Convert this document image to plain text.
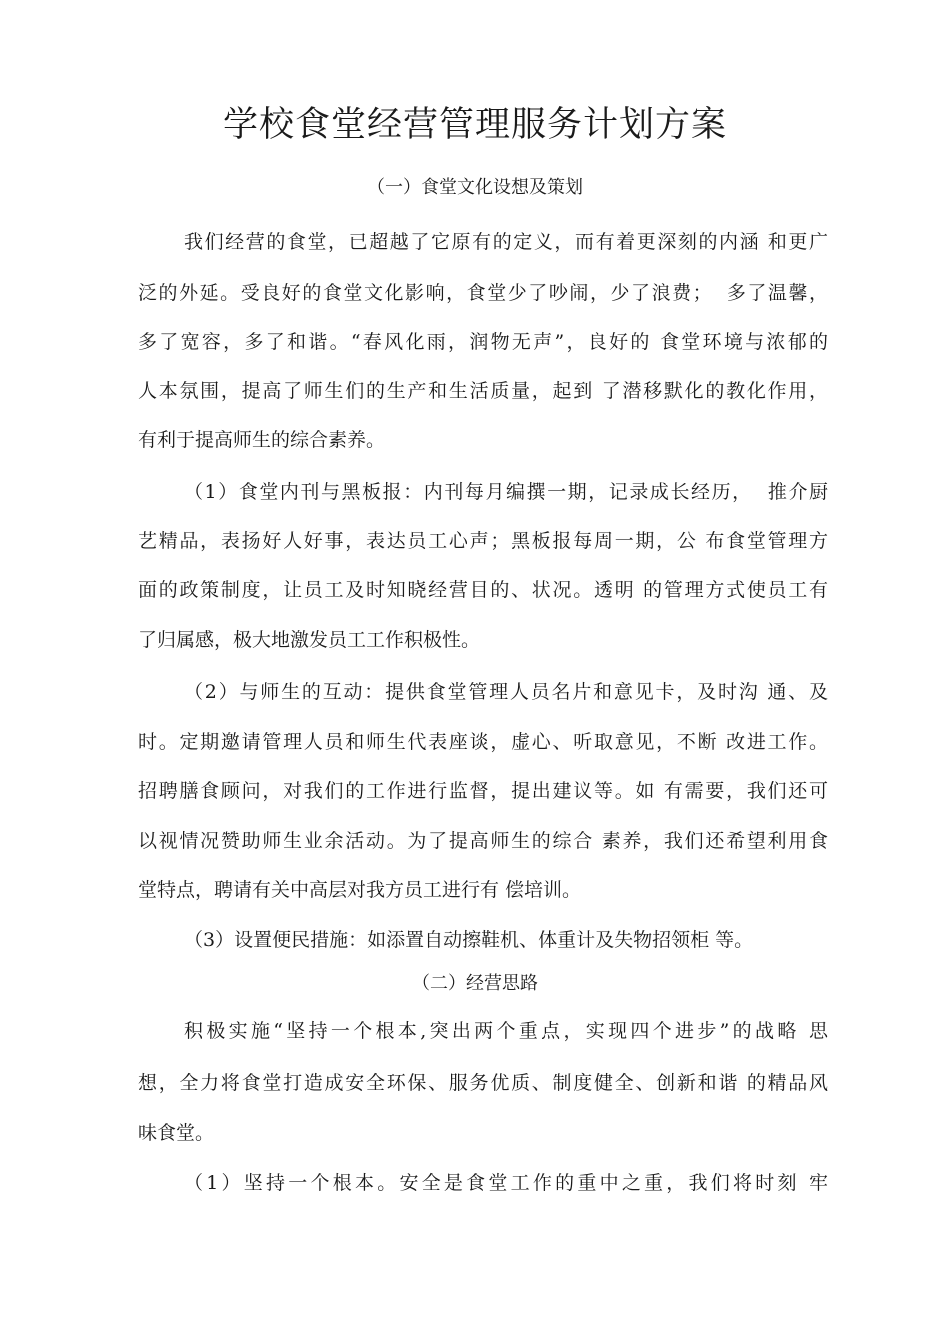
学校食堂经营管理服务计划方案
（一）食堂文化设想及策划
我们经营的食堂，已超越了它原有的定义，而有着更深刻的内涵 和更广
泛的外延。受良好的食堂文化影响，食堂少了吵闹，少了浪费；  多了温馨，
多了宽容，多了和谐。“春风化雨，润物无声”，良好的 食堂环境与浓郁的
人本氛围，提高了师生们的生产和生活质量，起到 了潜移默化的教化作用，
有利于提高师生的综合素养。
（1）食堂内刊与黑板报：内刊每月编撰一期，记录成长经历，  推介厨
艺精品，表扬好人好事，表达员工心声；黑板报每周一期，公 布食堂管理方
面的政策制度，让员工及时知晓经营目的、状况。透明 的管理方式使员工有
了归属感，极大地激发员工工作积极性。
（2）与师生的互动：提供食堂管理人员名片和意见卡，及时沟 通、及
时。定期邀请管理人员和师生代表座谈，虚心、听取意见，不断 改进工作。
招聘膳食顾问，对我们的工作进行监督，提出建议等。如 有需要，我们还可
以视情况赞助师生业余活动。为了提高师生的综合 素养，我们还希望利用食
堂特点，聘请有关中高层对我方员工进行有 偿培训。
（3）设置便民措施：如添置自动擦鞋机、体重计及失物招领柜 等。
（二）经营思路
积极实施“坚持一个根本,突出两个重点，实现四个进步”的战略 思
想，全力将食堂打造成安全环保、服务优质、制度健全、创新和谐 的精品风
味食堂。
（1）坚持一个根本。安全是食堂工作的重中之重，我们将时刻 牢
